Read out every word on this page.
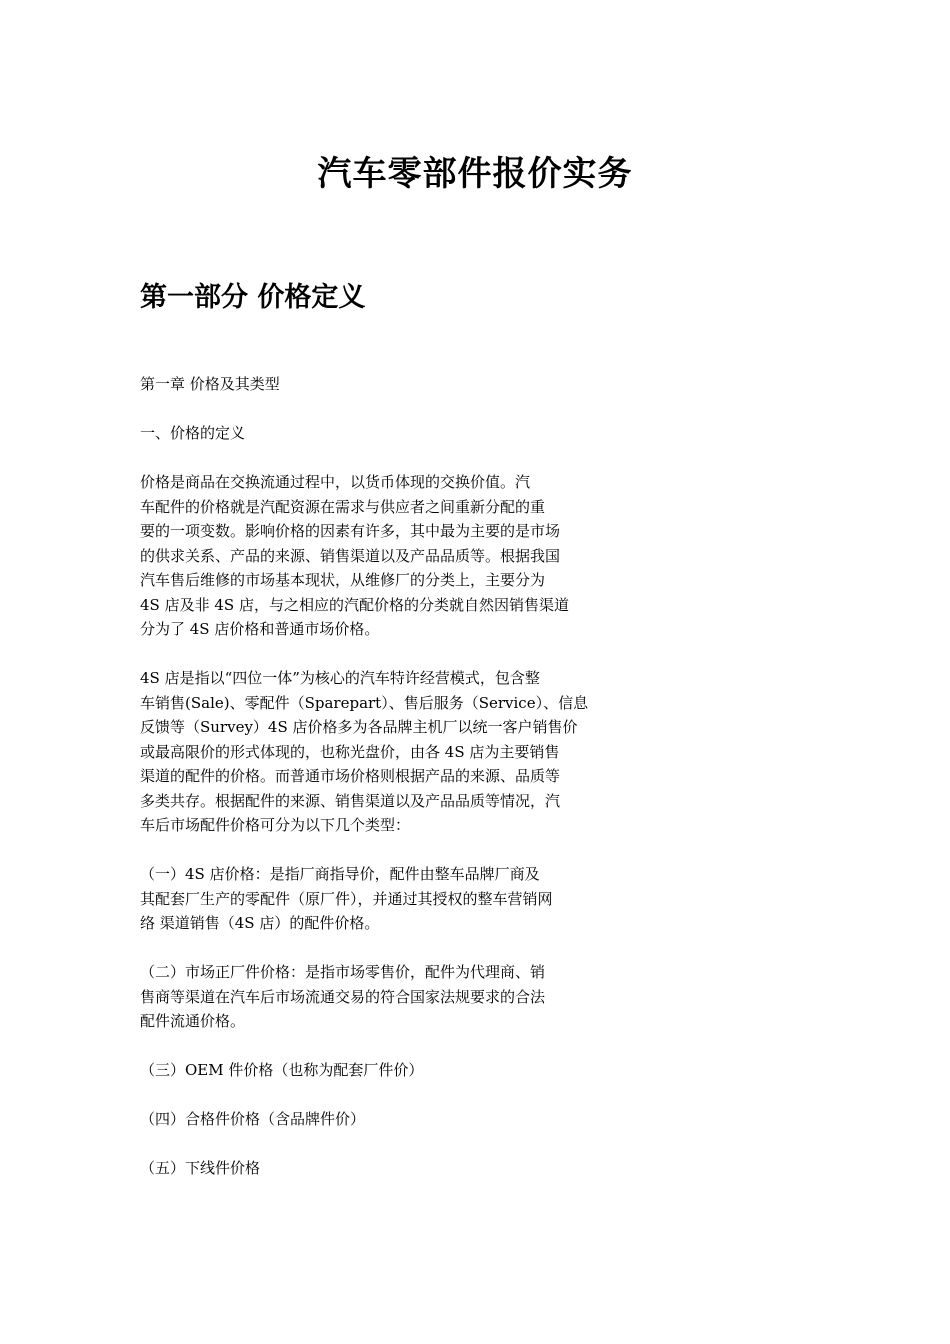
汽车零部件报价实务
第一部分 价格定义

第一章 价格及其类型

一、价格的定义

价格是商品在交换流通过程中，以货币体现的交换价值。汽

车配件的价格就是汽配资源在需求与供应者之间重新分配的重

要的一项变数。影响价格的因素有许多，其中最为主要的是市场

的供求关系、产品的来源、销售渠道以及产品品质等。根据我国

汽车售后维修的市场基本现状，从维修厂的分类上，主要分为

4S 店及非 4S 店，与之相应的汽配价格的分类就自然因销售渠道

分为了 4S 店价格和普通市场价格。

4S 店是指以“四位一体”为核心的汽车特许经营模式，包含整

车销售(Sale)、零配件（Sparepart）、售后服务（Service）、信息

反馈等（Survey）4S 店价格多为各品牌主机厂以统一客户销售价

或最高限价的形式体现的，也称光盘价，由各 4S 店为主要销售

渠道的配件的价格。而普通市场价格则根据产品的来源、品质等

多类共存。根据配件的来源、销售渠道以及产品品质等情况，汽

车后市场配件价格可分为以下几个类型：

（一）4S 店价格：是指厂商指导价，配件由整车品牌厂商及

其配套厂生产的零配件（原厂件），并通过其授权的整车营销网

络 渠道销售（4S 店）的配件价格。

（二）市场正厂件价格：是指市场零售价，配件为代理商、销

售商等渠道在汽车后市场流通交易的符合国家法规要求的合法

配件流通价格。

（三）OEM 件价格（也称为配套厂件价）

（四）合格件价格（含品牌件价）

（五）下线件价格
